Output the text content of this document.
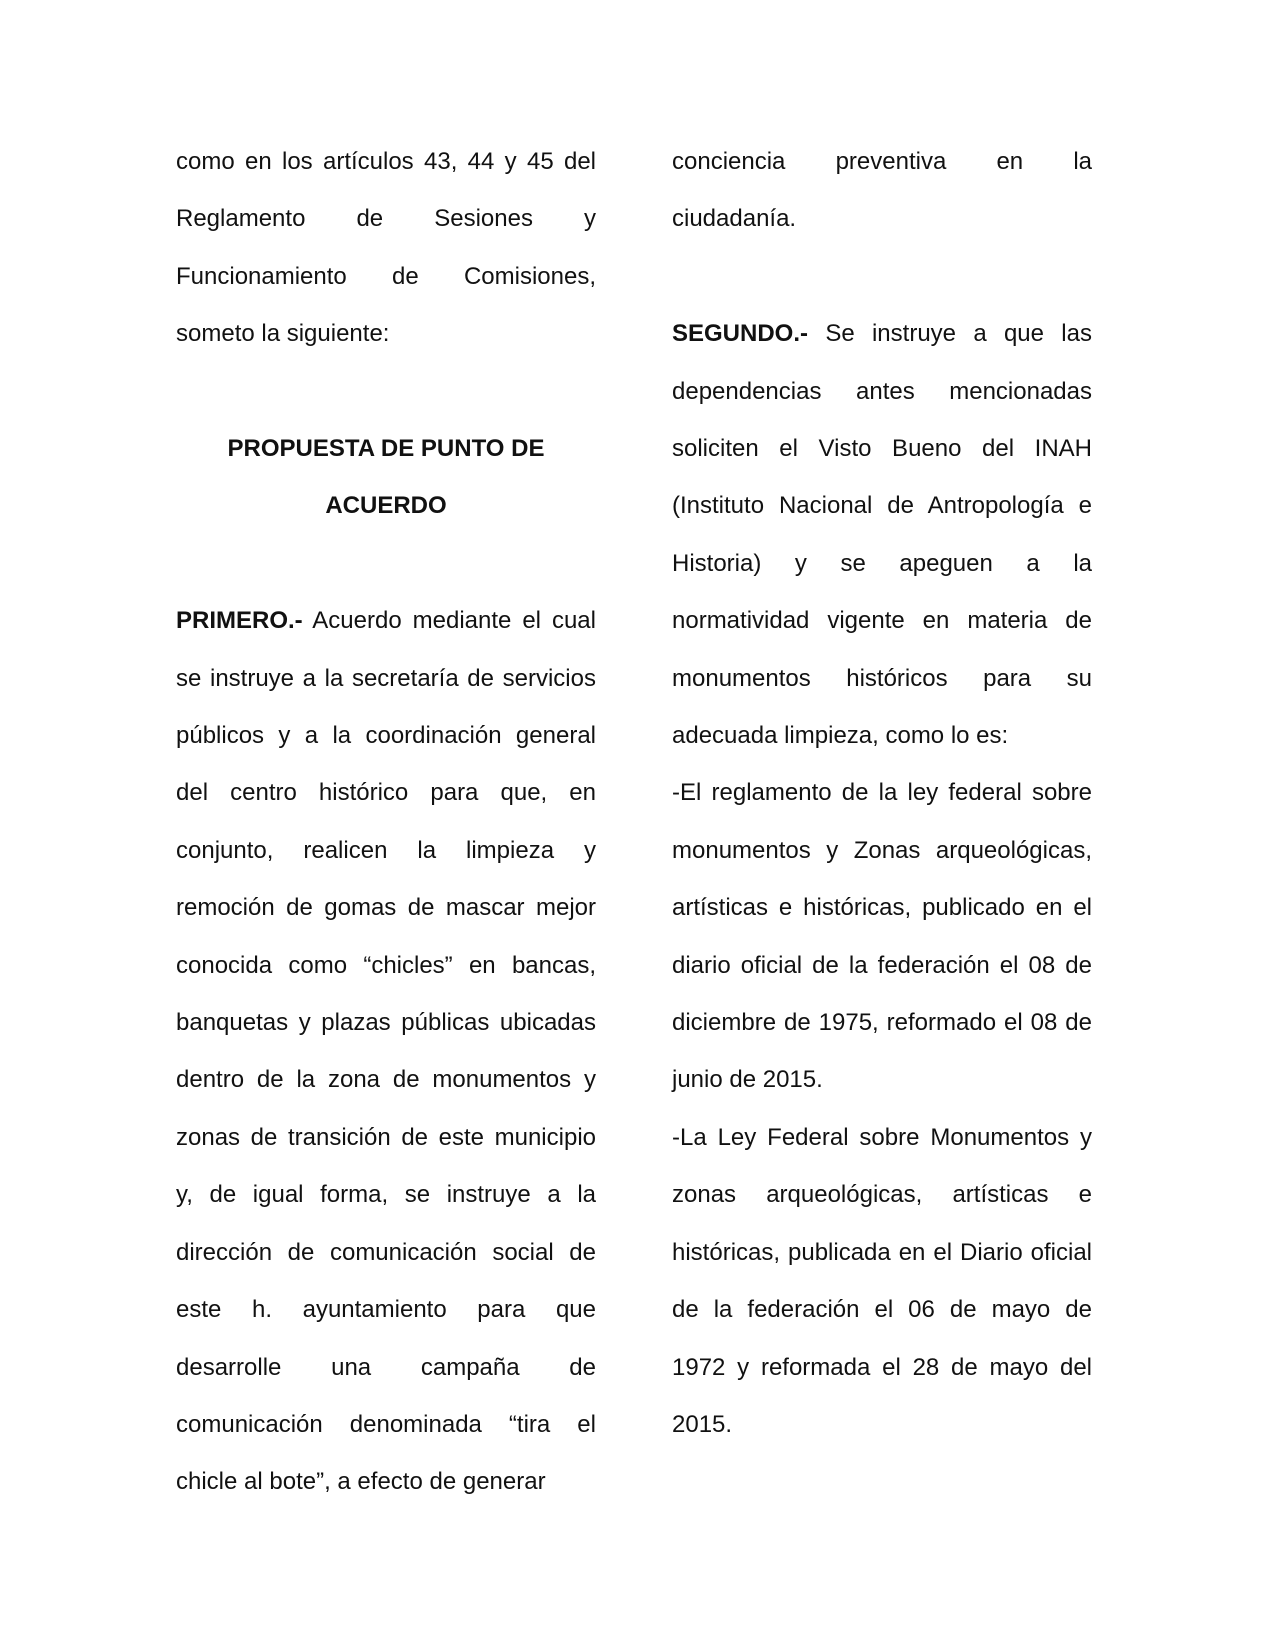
como en los artículos 43, 44 y 45 del Reglamento de Sesiones y Funcionamiento de Comisiones, someto la siguiente:

PROPUESTA DE PUNTO DE

ACUERDO

PRIMERO.- Acuerdo mediante el cual se instruye a la secretaría de servicios públicos y a la coordinación general del centro histórico para que, en conjunto, realicen la limpieza y remoción de gomas de mascar mejor conocida como “chicles” en bancas, banquetas y plazas públicas ubicadas dentro de la zona de monumentos y zonas de transición de este municipio y, de igual forma, se instruye a la dirección de comunicación social de este h. ayuntamiento para que desarrolle una campaña de comunicación denominada “tira el chicle al bote”, a efecto de generar

conciencia preventiva en la ciudadanía.

SEGUNDO.- Se instruye a que las dependencias antes mencionadas soliciten el Visto Bueno del INAH (Instituto Nacional de Antropología e Historia) y se apeguen a la normatividad vigente en materia de monumentos históricos para su adecuada limpieza, como lo es:

-El reglamento de la ley federal sobre monumentos y Zonas arqueológicas, artísticas e históricas, publicado en el diario oficial de la federación el 08 de diciembre de 1975, reformado el 08 de junio de 2015.

-La Ley Federal sobre Monumentos y zonas arqueológicas, artísticas e históricas, publicada en el Diario oficial de la federación el 06 de mayo de 1972 y reformada el 28 de mayo del 2015.
